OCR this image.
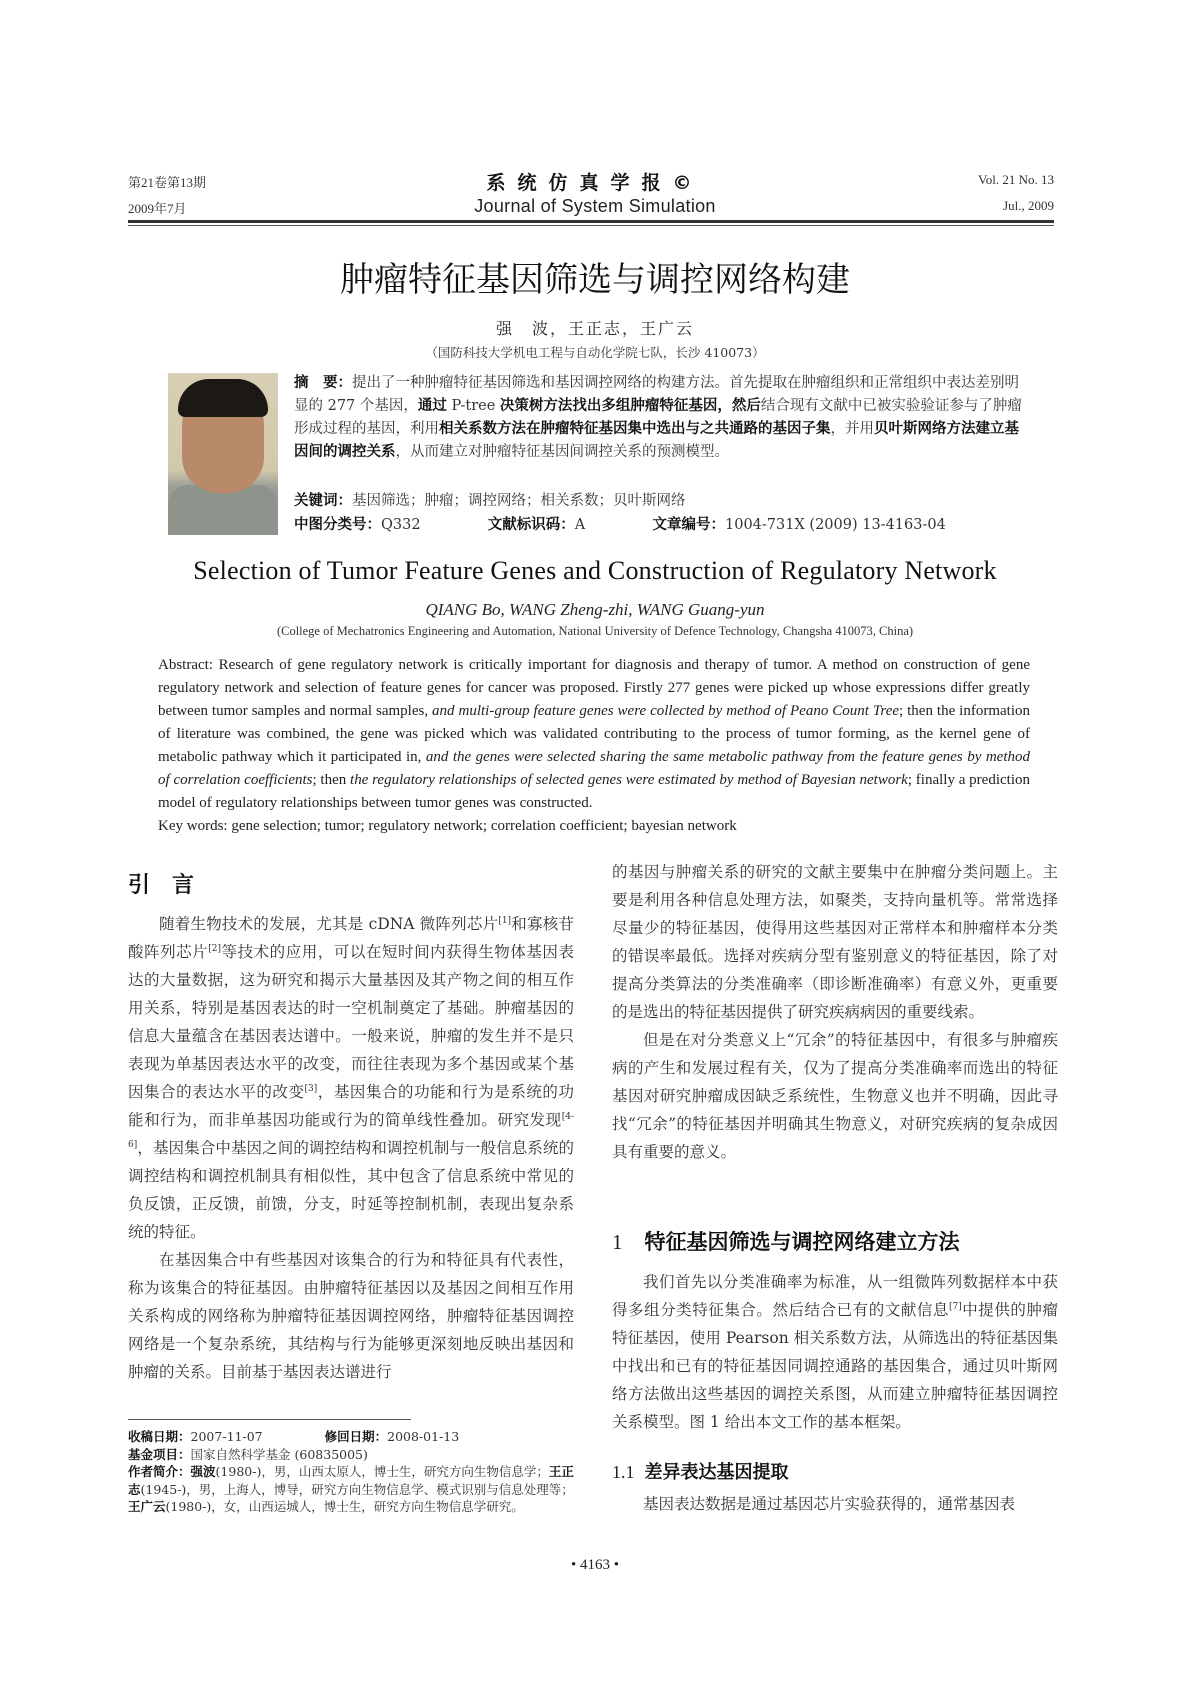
第21卷第13期
2009年7月
系统仿真学报©
Journal of System Simulation
Vol. 21 No. 13
Jul., 2009
肿瘤特征基因筛选与调控网络构建
强　波，王正志，王广云
（国防科技大学机电工程与自动化学院七队，长沙 410073）
摘　要：提出了一种肿瘤特征基因筛选和基因调控网络的构建方法。首先提取在肿瘤组织和正常组织中表达差别明显的 277 个基因，通过 P-tree 决策树方法找出多组肿瘤特征基因，然后结合现有文献中已被实验验证参与了肿瘤形成过程的基因，利用相关系数方法在肿瘤特征基因集中选出与之共通路的基因子集，并用贝叶斯网络方法建立基因间的调控关系，从而建立对肿瘤特征基因间调控关系的预测模型。
关键词：基因筛选；肿瘤；调控网络；相关系数；贝叶斯网络
中图分类号：Q332	文献标识码：A	文章编号：1004-731X (2009) 13-4163-04
Selection of Tumor Feature Genes and Construction of Regulatory Network
QIANG Bo, WANG Zheng-zhi, WANG Guang-yun
(College of Mechatronics Engineering and Automation, National University of Defence Technology, Changsha 410073, China)
Abstract: Research of gene regulatory network is critically important for diagnosis and therapy of tumor. A method on construction of gene regulatory network and selection of feature genes for cancer was proposed. Firstly 277 genes were picked up whose expressions differ greatly between tumor samples and normal samples, and multi-group feature genes were collected by method of Peano Count Tree; then the information of literature was combined, the gene was picked which was validated contributing to the process of tumor forming, as the kernel gene of metabolic pathway which it participated in, and the genes were selected sharing the same metabolic pathway from the feature genes by method of correlation coefficients; then the regulatory relationships of selected genes were estimated by method of Bayesian network; finally a prediction model of regulatory relationships between tumor genes was constructed.
Key words: gene selection; tumor; regulatory network; correlation coefficient; bayesian network
引　言
随着生物技术的发展，尤其是 cDNA 微阵列芯片[1]和寡核苷酸阵列芯片[2]等技术的应用，可以在短时间内获得生物体基因表达的大量数据，这为研究和揭示大量基因及其产物之间的相互作用关系，特别是基因表达的时一空机制奠定了基础。肿瘤基因的信息大量蕴含在基因表达谱中。一般来说，肿瘤的发生并不是只表现为单基因表达水平的改变，而往往表现为多个基因或某个基因集合的表达水平的改变[3]，基因集合的功能和行为是系统的功能和行为，而非单基因功能或行为的简单线性叠加。研究发现[4-6]，基因集合中基因之间的调控结构和调控机制与一般信息系统的调控结构和调控机制具有相似性，其中包含了信息系统中常见的负反馈，正反馈，前馈，分支，时延等控制机制，表现出复杂系统的特征。
在基因集合中有些基因对该集合的行为和特征具有代表性，称为该集合的特征基因。由肿瘤特征基因以及基因之间相互作用关系构成的网络称为肿瘤特征基因调控网络，肿瘤特征基因调控网络是一个复杂系统，其结构与行为能够更深刻地反映出基因和肿瘤的关系。目前基于基因表达谱进行
收稿日期：2007-11-07	修回日期：2008-01-13
基金项目：国家自然科学基金 (60835005)
作者简介：强波(1980-)，男，山西太原人，博士生，研究方向生物信息学；王正志(1945-)，男，上海人，博导，研究方向生物信息学、模式识别与信息处理等；王广云(1980-)，女，山西运城人，博士生，研究方向生物信息学研究。
的基因与肿瘤关系的研究的文献主要集中在肿瘤分类问题上。主要是利用各种信息处理方法，如聚类，支持向量机等。常常选择尽量少的特征基因，使得用这些基因对正常样本和肿瘤样本分类的错误率最低。选择对疾病分型有鉴别意义的特征基因，除了对提高分类算法的分类准确率（即诊断准确率）有意义外，更重要的是选出的特征基因提供了研究疾病病因的重要线索。
但是在对分类意义上“冗余”的特征基因中，有很多与肿瘤疾病的产生和发展过程有关，仅为了提高分类准确率而选出的特征基因对研究肿瘤成因缺乏系统性，生物意义也并不明确，因此寻找“冗余”的特征基因并明确其生物意义，对研究疾病的复杂成因具有重要的意义。
1 特征基因筛选与调控网络建立方法
我们首先以分类准确率为标准，从一组微阵列数据样本中获得多组分类特征集合。然后结合已有的文献信息[7]中提供的肿瘤特征基因，使用 Pearson 相关系数方法，从筛选出的特征基因集中找出和已有的特征基因同调控通路的基因集合，通过贝叶斯网络方法做出这些基因的调控关系图，从而建立肿瘤特征基因调控关系模型。图 1 给出本文工作的基本框架。
1.1 差异表达基因提取
基因表达数据是通过基因芯片实验获得的，通常基因表
• 4163 •
